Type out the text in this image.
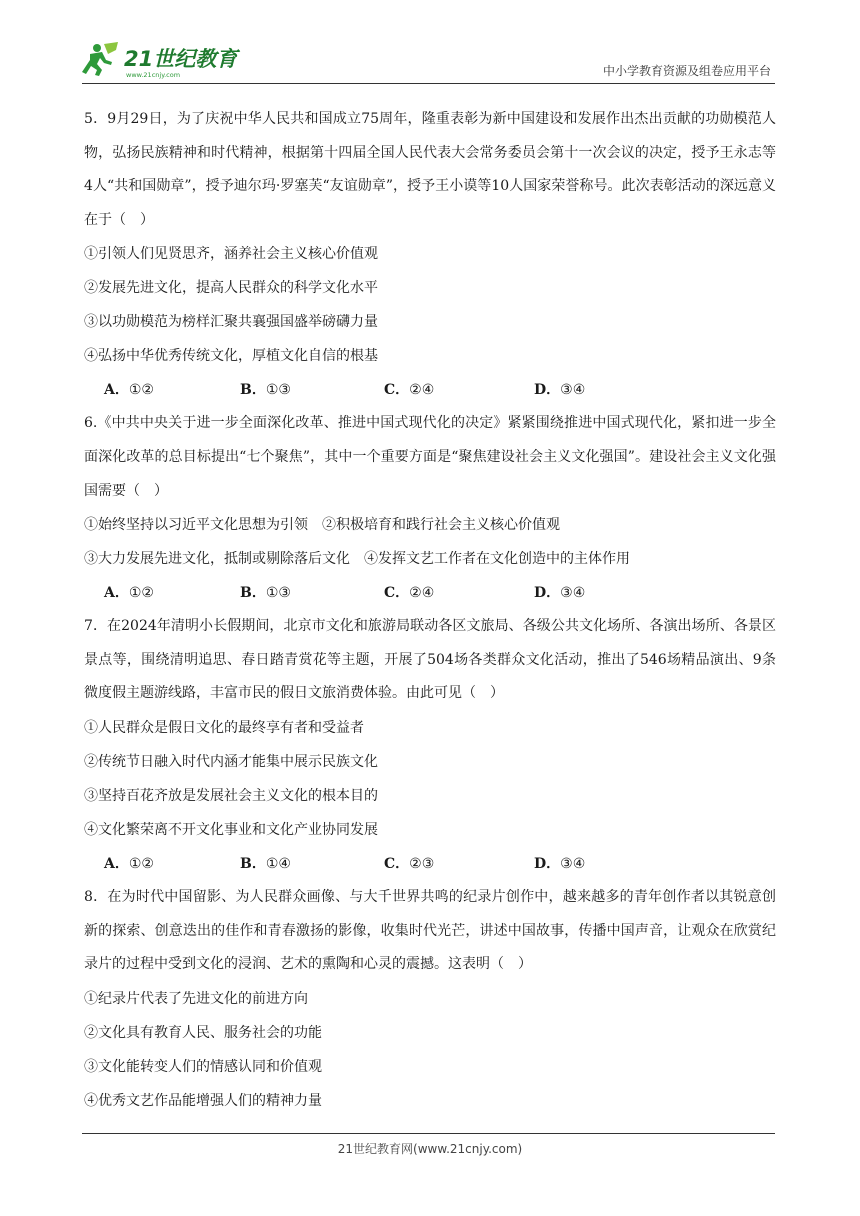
21世纪教育
www.21cnjy.com	中小学教育资源及组卷应用平台

5．9月29日，为了庆祝中华人民共和国成立75周年，隆重表彰为新中国建设和发展作出杰出贡献的功勋模范人物，弘扬民族精神和时代精神，根据第十四届全国人民代表大会常务委员会第十一次会议的决定，授予王永志等4人“共和国勋章”，授予迪尔玛·罗塞芙“友谊勋章”，授予王小谟等10人国家荣誉称号。此次表彰活动的深远意义在于（　）

①引领人们见贤思齐，涵养社会主义核心价值观
②发展先进文化，提高人民群众的科学文化水平
③以功勋模范为榜样汇聚共襄强国盛举磅礴力量
④弘扬中华优秀传统文化，厚植文化自信的根基
A．①②	B．①③	C．②④	D．③④

6.《中共中央关于进一步全面深化改革、推进中国式现代化的决定》紧紧围绕推进中国式现代化，紧扣进一步全面深化改革的总目标提出“七个聚焦”，其中一个重要方面是“聚焦建设社会主义文化强国”。建设社会主义文化强国需要（　）

①始终坚持以习近平文化思想为引领　②积极培育和践行社会主义核心价值观
③大力发展先进文化，抵制或剔除落后文化　④发挥文艺工作者在文化创造中的主体作用
A．①②	B．①③	C．②④	D．③④

7．在2024年清明小长假期间，北京市文化和旅游局联动各区文旅局、各级公共文化场所、各演出场所、各景区景点等，围绕清明追思、春日踏青赏花等主题，开展了504场各类群众文化活动，推出了546场精品演出、9条微度假主题游线路，丰富市民的假日文旅消费体验。由此可见（　）

①人民群众是假日文化的最终享有者和受益者
②传统节日融入时代内涵才能集中展示民族文化
③坚持百花齐放是发展社会主义文化的根本目的
④文化繁荣离不开文化事业和文化产业协同发展
A．①②	B．①④	C．②③	D．③④

8．在为时代中国留影、为人民群众画像、与大千世界共鸣的纪录片创作中，越来越多的青年创作者以其锐意创新的探索、创意迭出的佳作和青春激扬的影像，收集时代光芒，讲述中国故事，传播中国声音，让观众在欣赏纪录片的过程中受到文化的浸润、艺术的熏陶和心灵的震撼。这表明（　）

①纪录片代表了先进文化的前进方向
②文化具有教育人民、服务社会的功能
③文化能转变人们的情感认同和价值观
④优秀文艺作品能增强人们的精神力量
21世纪教育网(www.21cnjy.com)
